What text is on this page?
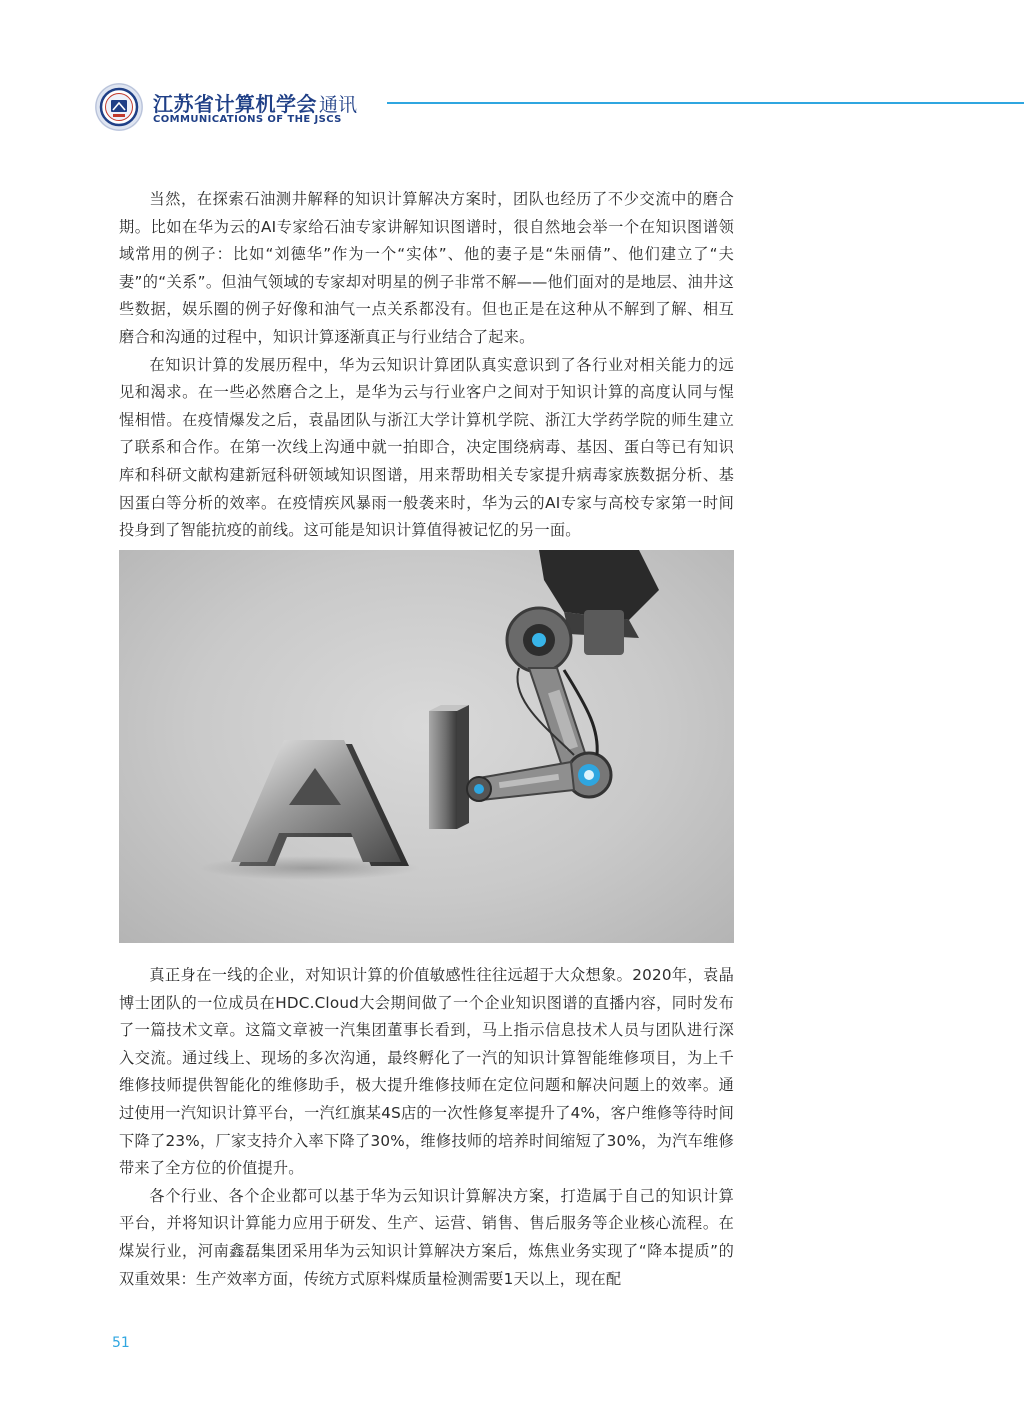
江苏省计算机学会 通讯
COMMUNICATIONS OF THE JSCS

当然，在探索石油测井解释的知识计算解决方案时，团队也经历了不少交流中的磨合期。比如在华为云的AI专家给石油专家讲解知识图谱时，很自然地会举一个在知识图谱领域常用的例子：比如“刘德华”作为一个“实体”、他的妻子是“朱丽倩”、他们建立了“夫妻”的“关系”。但油气领域的专家却对明星的例子非常不解——他们面对的是地层、油井这些数据，娱乐圈的例子好像和油气一点关系都没有。但也正是在这种从不解到了解、相互磨合和沟通的过程中，知识计算逐渐真正与行业结合了起来。

在知识计算的发展历程中，华为云知识计算团队真实意识到了各行业对相关能力的远见和渴求。在一些必然磨合之上，是华为云与行业客户之间对于知识计算的高度认同与惺惺相惜。在疫情爆发之后，袁晶团队与浙江大学计算机学院、浙江大学药学院的师生建立了联系和合作。在第一次线上沟通中就一拍即合，决定围绕病毒、基因、蛋白等已有知识库和科研文献构建新冠科研领域知识图谱，用来帮助相关专家提升病毒家族数据分析、基因蛋白等分析的效率。在疫情疾风暴雨一般袭来时，华为云的AI专家与高校专家第一时间投身到了智能抗疫的前线。这可能是知识计算值得被记忆的另一面。

真正身在一线的企业，对知识计算的价值敏感性往往远超于大众想象。2020年，袁晶博士团队的一位成员在HDC.Cloud大会期间做了一个企业知识图谱的直播内容，同时发布了一篇技术文章。这篇文章被一汽集团董事长看到，马上指示信息技术人员与团队进行深入交流。通过线上、现场的多次沟通，最终孵化了一汽的知识计算智能维修项目，为上千维修技师提供智能化的维修助手，极大提升维修技师在定位问题和解决问题上的效率。通过使用一汽知识计算平台，一汽红旗某4S店的一次性修复率提升了4%，客户维修等待时间下降了23%，厂家支持介入率下降了30%，维修技师的培养时间缩短了30%，为汽车维修带来了全方位的价值提升。

各个行业、各个企业都可以基于华为云知识计算解决方案，打造属于自己的知识计算平台，并将知识计算能力应用于研发、生产、运营、销售、售后服务等企业核心流程。在煤炭行业，河南鑫磊集团采用华为云知识计算解决方案后，炼焦业务实现了“降本提质”的双重效果：生产效率方面，传统方式原料煤质量检测需要1天以上，现在配

51
